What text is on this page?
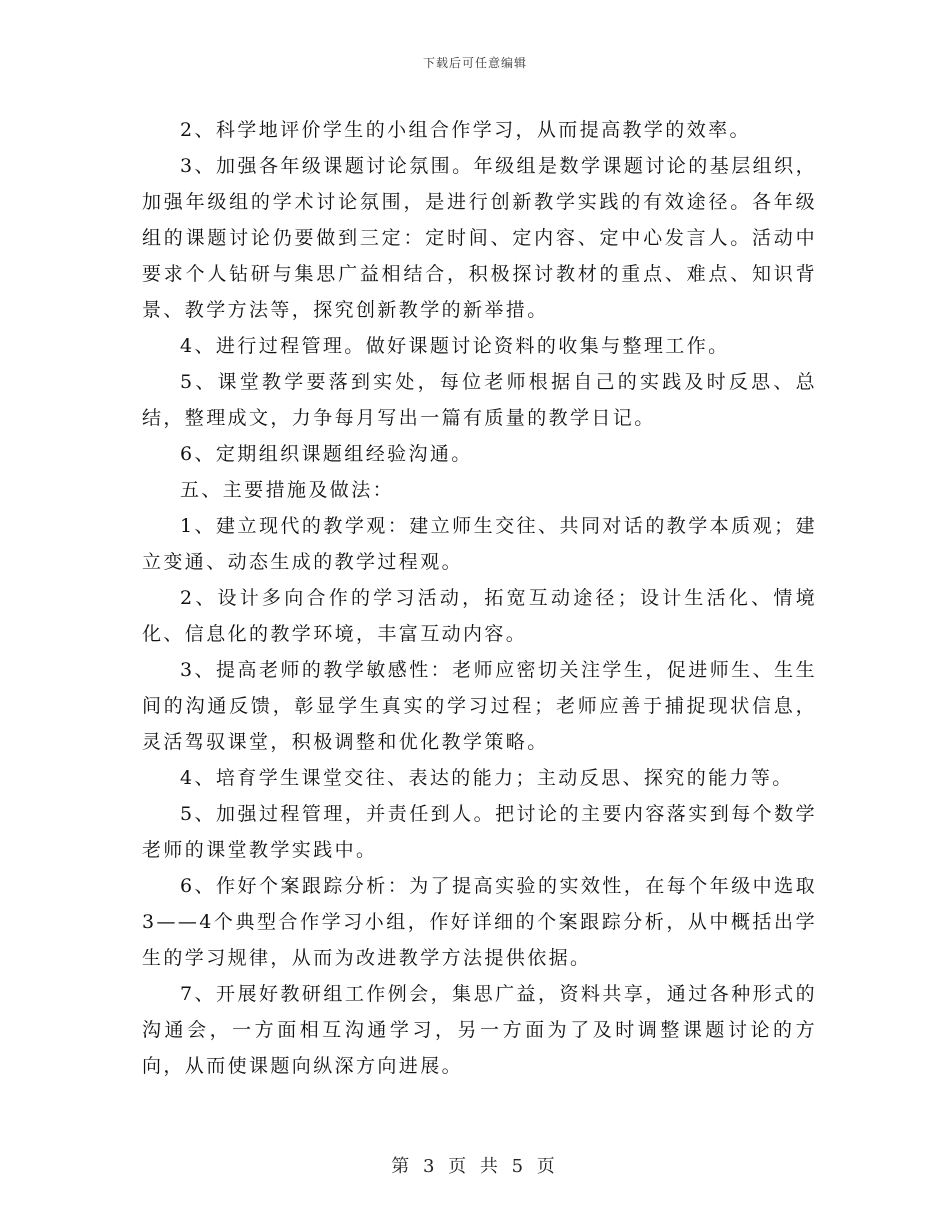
下载后可任意编辑

2、科学地评价学生的小组合作学习，从而提高教学的效率。

3、加强各年级课题讨论氛围。年级组是数学课题讨论的基层组织，加强年级组的学术讨论氛围，是进行创新教学实践的有效途径。各年级组的课题讨论仍要做到三定：定时间、定内容、定中心发言人。活动中要求个人钻研与集思广益相结合，积极探讨教材的重点、难点、知识背景、教学方法等，探究创新教学的新举措。

4、进行过程管理。做好课题讨论资料的收集与整理工作。

5、课堂教学要落到实处，每位老师根据自己的实践及时反思、总结，整理成文，力争每月写出一篇有质量的教学日记。

6、定期组织课题组经验沟通。

五、主要措施及做法：

1、建立现代的教学观：建立师生交往、共同对话的教学本质观；建立变通、动态生成的教学过程观。

2、设计多向合作的学习活动，拓宽互动途径；设计生活化、情境化、信息化的教学环境，丰富互动内容。

3、提高老师的教学敏感性：老师应密切关注学生，促进师生、生生间的沟通反馈，彰显学生真实的学习过程；老师应善于捕捉现状信息，灵活驾驭课堂，积极调整和优化教学策略。

4、培育学生课堂交往、表达的能力；主动反思、探究的能力等。

5、加强过程管理，并责任到人。把讨论的主要内容落实到每个数学老师的课堂教学实践中。

6、作好个案跟踪分析：为了提高实验的实效性，在每个年级中选取3——4个典型合作学习小组，作好详细的个案跟踪分析，从中概括出学生的学习规律，从而为改进教学方法提供依据。

7、开展好教研组工作例会，集思广益，资料共享，通过各种形式的沟通会，一方面相互沟通学习，另一方面为了及时调整课题讨论的方向，从而使课题向纵深方向进展。

第 3 页 共 5 页
